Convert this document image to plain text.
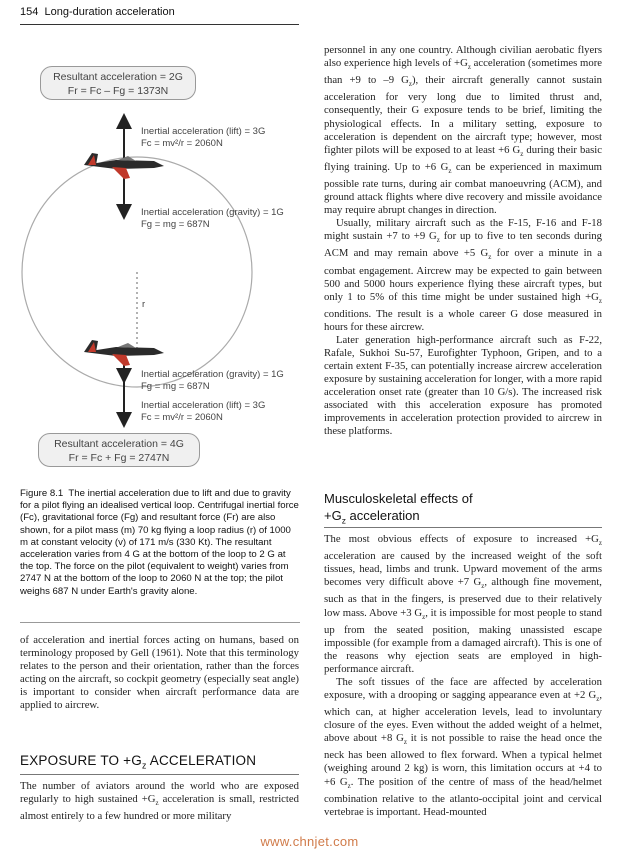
154 Long-duration acceleration
Resultant acceleration = 2G
Fr = Fc – Fg = 1373N
Inertial acceleration (lift) = 3G
Fc = mv²/r = 2060N
Inertial acceleration (gravity) = 1G
Fg = mg = 687N
r
Inertial acceleration (gravity) = 1G
Fg = mg = 687N
Inertial acceleration (lift) = 3G
Fc = mv²/r = 2060N
Resultant acceleration = 4G
Fr = Fc + Fg = 2747N

Figure 8.1 The inertial acceleration due to lift and due to gravity for a pilot flying an idealised vertical loop. Centrifugal inertial force (Fc), gravitational force (Fg) and resultant force (Fr) are also shown, for a pilot mass (m) 70 kg flying a loop radius (r) of 1000 m at constant velocity (v) of 171 m/s (330 Kt). The resultant acceleration varies from 4 G at the bottom of the loop to 2 G at the top. The force on the pilot (equivalent to weight) varies from 2747 N at the bottom of the loop to 2060 N at the top; the pilot weighs 687 N under Earth's gravity alone.

of acceleration and inertial forces acting on humans, based on terminology proposed by Gell (1961). Note that this terminology relates to the person and their orientation, rather than the forces acting on the aircraft, so cockpit geometry (especially seat angle) is important to consider when aircraft performance data are applied to aircrew.

EXPOSURE TO $+G_z$ ACCELERATION

The number of aviators around the world who are exposed regularly to high sustained $+G_z$ acceleration is small, restricted almost entirely to a few hundred or more military

personnel in any one country. Although civilian aerobatic flyers also experience high levels of $+G_z$ acceleration (sometimes more than +9 to –9 $G_z$), their aircraft generally cannot sustain acceleration for very long due to limited thrust and, consequently, their G exposure tends to be brief, limiting the physiological effects. In a military setting, exposure to acceleration is dependent on the aircraft type; however, most fighter pilots will be exposed to at least +6 $G_z$ during their basic flying training. Up to +6 $G_z$ can be experienced in maximum possible rate turns, during air combat manoeuvring (ACM), and ground attack flights where dive recovery and missile avoidance may require abrupt changes in direction.

Usually, military aircraft such as the F-15, F-16 and F-18 might sustain +7 to +9 $G_z$ for up to five to ten seconds during ACM and may remain above +5 $G_z$ for over a minute in a combat engagement. Aircrew may be expected to gain between 500 and 5000 hours experience flying these aircraft types, but only 1 to 5% of this time might be under sustained high $+G_z$ conditions. The result is a whole career G dose measured in hours for these aircrew.

Later generation high-performance aircraft such as F-22, Rafale, Sukhoi Su-57, Eurofighter Typhoon, Gripen, and to a certain extent F-35, can potentially increase aircrew acceleration exposure by sustaining acceleration for longer, with a more rapid acceleration onset rate (greater than 10 G/s). The increased risk associated with this acceleration exposure has promoted improvements in acceleration protection provided to aircrew in these platforms.

Musculoskeletal effects of
$+G_z$ acceleration

The most obvious effects of exposure to increased $+G_z$ acceleration are caused by the increased weight of the soft tissues, head, limbs and trunk. Upward movement of the arms becomes very difficult above +7 $G_z$, although fine movement, such as that in the fingers, is preserved due to their relatively low mass. Above +3 $G_z$, it is impossible for most people to stand up from the seated position, making unassisted escape impossible (for example from a damaged aircraft). This is one of the reasons why ejection seats are employed in high-performance aircraft.

The soft tissues of the face are affected by acceleration exposure, with a drooping or sagging appearance even at +2 $G_z$, which can, at higher acceleration levels, lead to involuntary closure of the eyes. Even without the added weight of a helmet, above about +8 $G_z$ it is not possible to raise the head once the neck has been allowed to flex forward. When a typical helmet (weighing around 2 kg) is worn, this limitation occurs at +4 to +6 $G_z$. The position of the centre of mass of the head/helmet combination relative to the atlanto-occipital joint and cervical vertebrae is important. Head-mounted

www.chnjet.com
